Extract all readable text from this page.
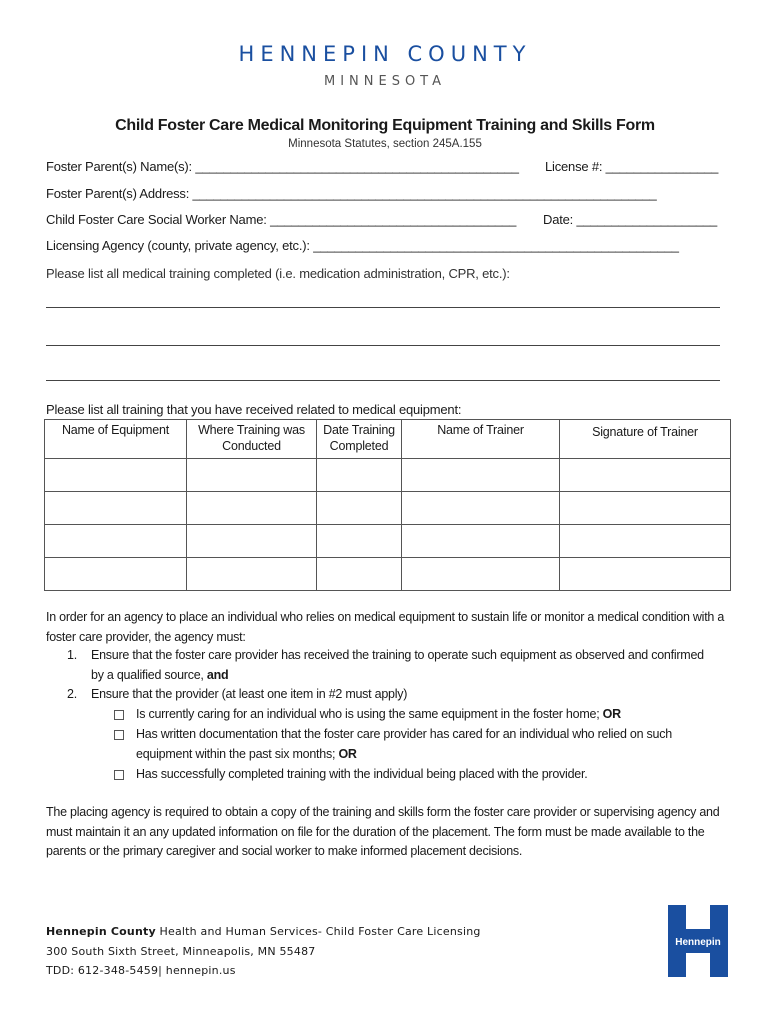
HENNEPIN COUNTY
MINNESOTA
Child Foster Care Medical Monitoring Equipment Training and Skills Form
Minnesota Statutes, section 245A.155
Foster Parent(s) Name(s): ______________________________________________ License #: ________________
Foster Parent(s) Address: __________________________________________________________________
Child Foster Care Social Worker Name: ___________________________________ Date: ____________________
Licensing Agency (county, private agency, etc.): ____________________________________________________
Please list all medical training completed (i.e. medication administration, CPR, etc.):
Please list all training that you have received related to medical equipment:
Name of Equipment	Where Training was Conducted	Date Training Completed	Name of Trainer	Signature of Trainer

In order for an agency to place an individual who relies on medical equipment to sustain life or monitor a medical condition with a foster care provider, the agency must:
1. Ensure that the foster care provider has received the training to operate such equipment as observed and confirmed by a qualified source, and
2. Ensure that the provider (at least one item in #2 must apply)
Is currently caring for an individual who is using the same equipment in the foster home; OR
Has written documentation that the foster care provider has cared for an individual who relied on such equipment within the past six months; OR
Has successfully completed training with the individual being placed with the provider.
The placing agency is required to obtain a copy of the training and skills form the foster care provider or supervising agency and must maintain it an any updated information on file for the duration of the placement. The form must be made available to the parents or the primary caregiver and social worker to make informed placement decisions.
Hennepin County Health and Human Services- Child Foster Care Licensing
300 South Sixth Street, Minneapolis, MN 55487
TDD: 612-348-5459| hennepin.us
Hennepin
